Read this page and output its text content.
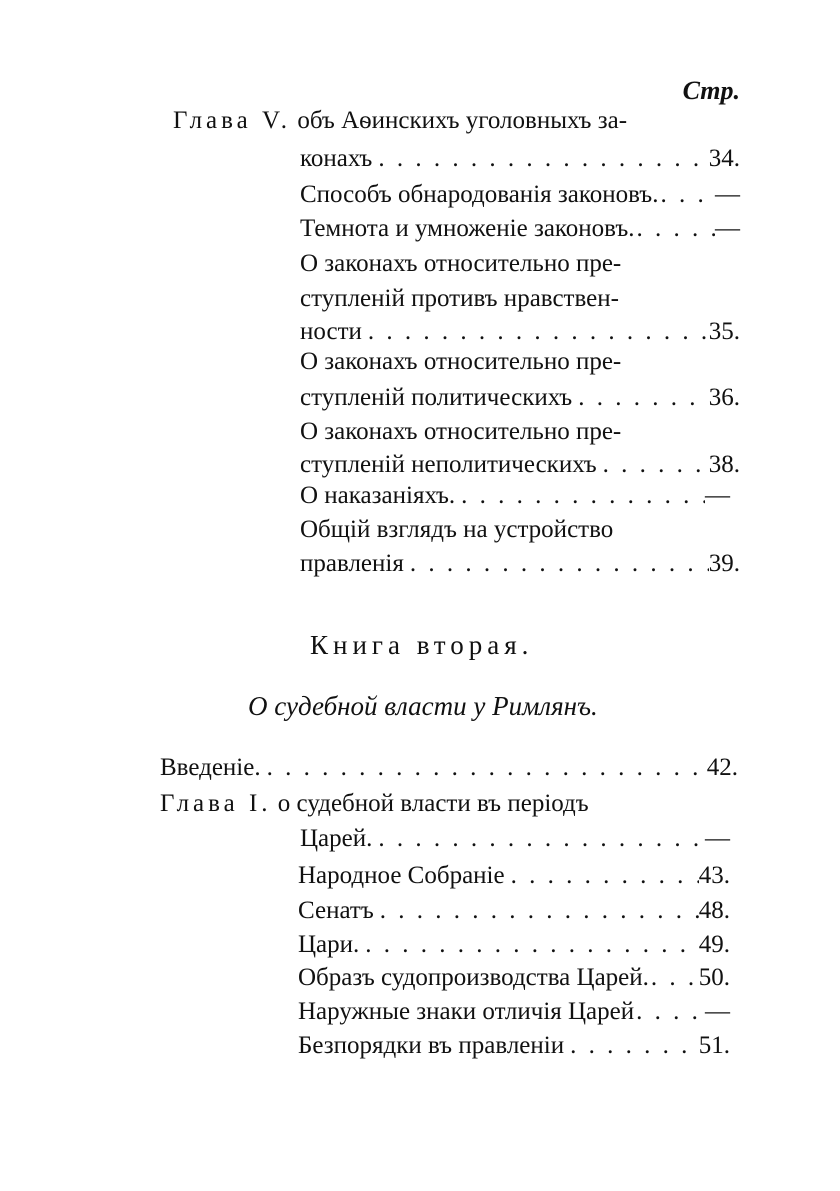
Стр.
Глава V. объ Аѳинскихъ уголовныхъ за-
конахъ . . .	34.
Способъ обнародованія законовъ. . . . —
Темнота и умноженіе законовъ. . . .	—
О законахъ относительно пре-
ступленій противъ нравствен-
ности . . .	35.
О законахъ относительно пре-
ступленій политическихъ . . .	36.
О законахъ относительно пре-
ступленій неполитическихъ . . .	38.
О наказаніяхъ. . . .	—
Общій взглядъ на устройство
правленія . . .	39.
Книга вторая.
О судебной власти у Римлянъ.
Введеніе. . . .	42.
Глава I. о судебной власти въ періодъ
Царей. . . .	—
Народное Собраніе . . .	43.
Сенатъ . . .	48.
Цари. . . .	49.
Образъ судопроизводства Царей. . . . 50.
Наружные знаки отличія Царей . . .	—
Безпорядки въ правленіи . . .	51.
